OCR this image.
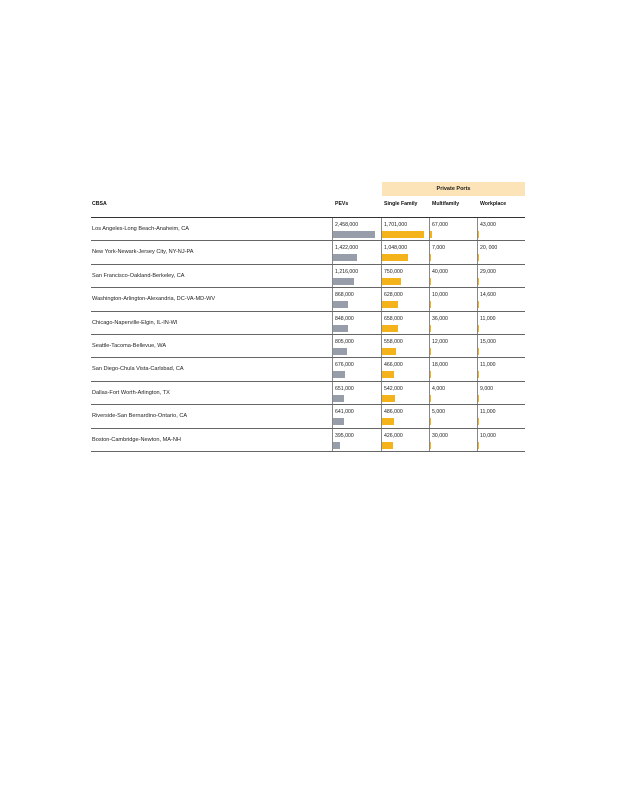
Private Ports
CBSA	PEVs	Single Family	Multifamily	Workplace
Los Angeles-Long Beach-Anaheim, CA
2,458,000	1,701,000	67,000	43,000
New York-Newark-Jersey City, NY-NJ-PA
1,422,000	1,048,000	7,000	20, 000
San Francisco-Oakland-Berkeley, CA
1,216,000	750,000	40,000	29,000
Washington-Arlington-Alexandria, DC-VA-MD-WV
868,000	628,000	10,000	14,600
Chicago-Naperville-Elgin, IL-IN-WI
848,000	658,000	36,000	11,000
Seattle-Tacoma-Bellevue, WA
805,000	558,000	12,000	15,000
San Diego-Chula Vista-Carlsbad, CA
676,000	466,000	18,000	11,000
Dallas-Fort Worth-Arlington, TX
651,000	542,000	4,000	9,000
Riverside-San Bernardino-Ontario, CA
641,000	486,000	5,000	11,000
Boston-Cambridge-Newton, MA-NH
395,000	426,000	30,000	10,000
